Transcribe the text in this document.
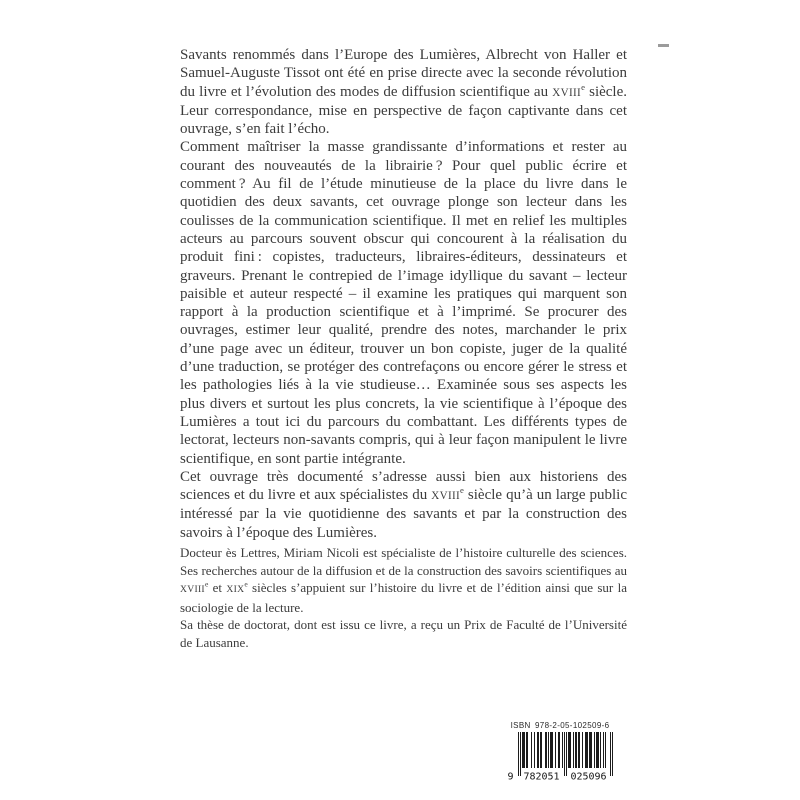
Savants renommés dans l’Europe des Lumières, Albrecht von Haller et Samuel-Auguste Tissot ont été en prise directe avec la seconde révolution du livre et l’évolution des modes de diffusion scientifique au XVIIIe siècle. Leur correspondance, mise en perspective de façon captivante dans cet ouvrage, s’en fait l’écho.

Comment maîtriser la masse grandissante d’informations et rester au courant des nouveautés de la librairie ? Pour quel public écrire et comment ? Au fil de l’étude minutieuse de la place du livre dans le quotidien des deux savants, cet ouvrage plonge son lecteur dans les coulisses de la communication scientifique. Il met en relief les multiples acteurs au parcours souvent obscur qui concourent à la réalisation du produit fini : copistes, traducteurs, libraires-éditeurs, dessinateurs et graveurs. Prenant le contrepied de l’image idyllique du savant – lecteur paisible et auteur respecté – il examine les pratiques qui marquent son rapport à la production scientifique et à l’imprimé. Se procurer des ouvrages, estimer leur qualité, prendre des notes, marchander le prix d’une page avec un éditeur, trouver un bon copiste, juger de la qualité d’une traduction, se protéger des contrefaçons ou encore gérer le stress et les pathologies liés à la vie studieuse… Examinée sous ses aspects les plus divers et surtout les plus concrets, la vie scientifique à l’époque des Lumières a tout ici du parcours du combattant. Les différents types de lectorat, lecteurs non-savants compris, qui à leur façon manipulent le livre scientifique, en sont partie intégrante.

Cet ouvrage très documenté s’adresse aussi bien aux historiens des sciences et du livre et aux spécialistes du XVIIIe siècle qu’à un large public intéressé par la vie quotidienne des savants et par la construction des savoirs à l’époque des Lumières.

Docteur ès Lettres, Miriam Nicoli est spécialiste de l’histoire culturelle des sciences. Ses recherches autour de la diffusion et de la construction des savoirs scientifiques au XVIIIe et XIXe siècles s’appuient sur l’histoire du livre et de l’édition ainsi que sur la sociologie de la lecture.

Sa thèse de doctorat, dont est issu ce livre, a reçu un Prix de Faculté de l’Université de Lausanne.

ISBN 978-2-05-102509-6
9 782051 025096
